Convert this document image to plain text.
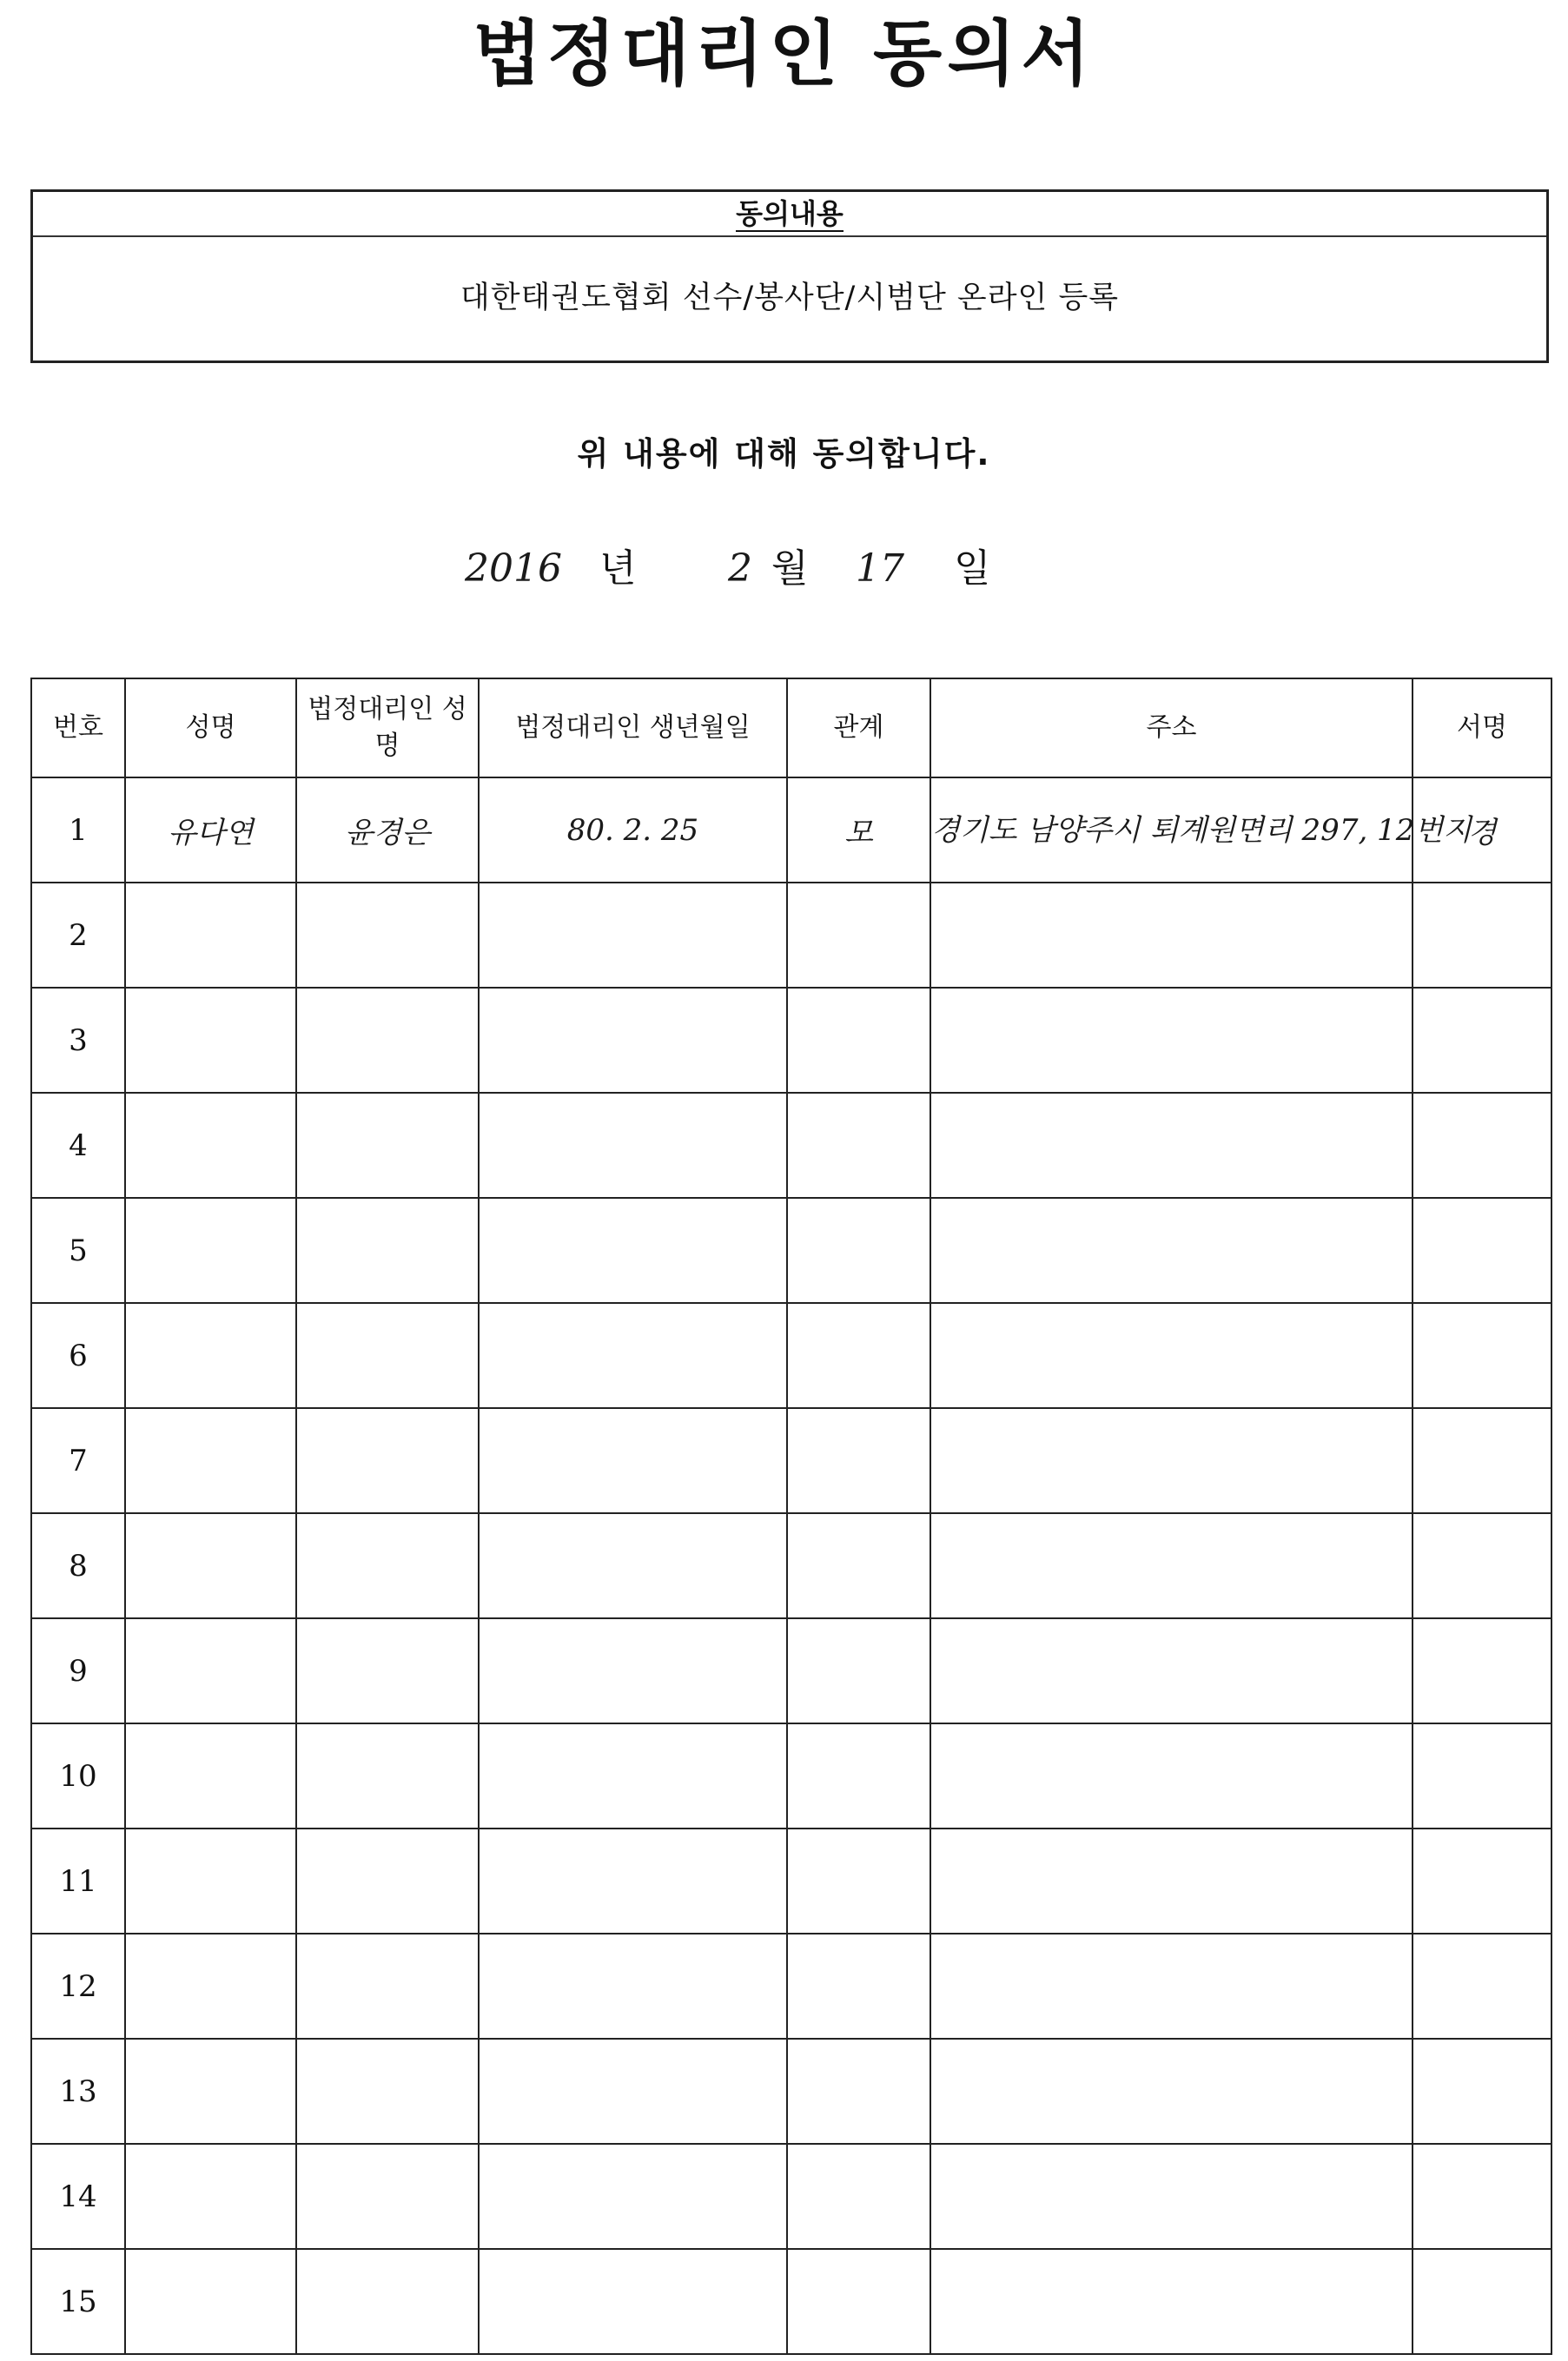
법정대리인 동의서
동의내용
대한태권도협회 선수/봉사단/시범단 온라인 등록
위 내용에 대해 동의합니다.
2016 년 2 월 17 일
번호	성명	법정대리인 성명	법정대리인 생년월일	관계	주소	서명
1	유다연	윤경은	80. 2. 25	모	경기도 남양주시 퇴계원면리 297, 12번지	경
2						
3						
4						
5						
6						
7						
8						
9						
10						
11						
12						
13						
14						
15						
